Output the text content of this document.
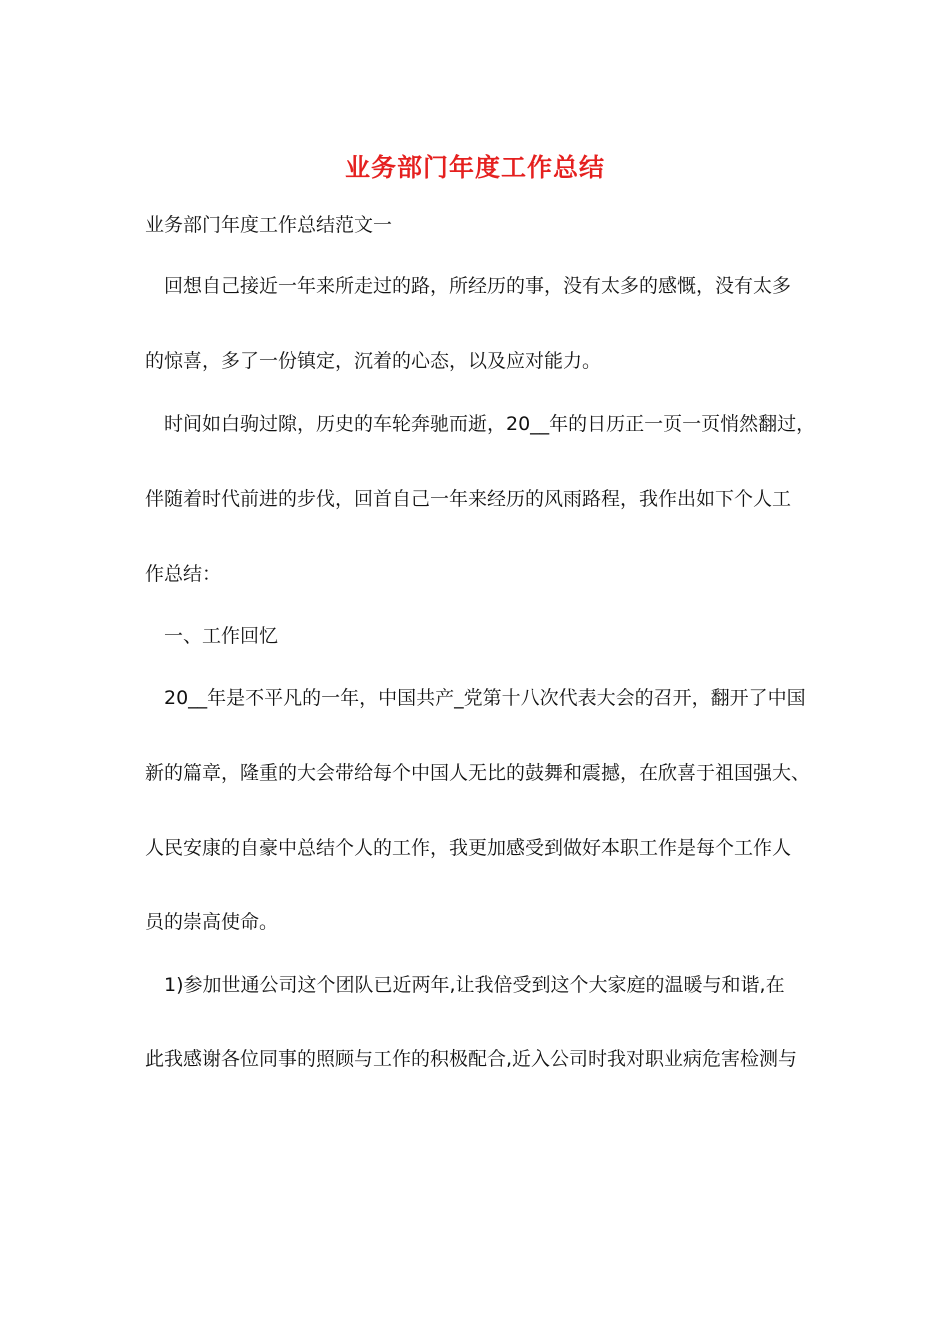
业务部门年度工作总结
业务部门年度工作总结范文一
回想自己接近一年来所走过的路，所经历的事，没有太多的感慨，没有太多
的惊喜，多了一份镇定，沉着的心态，以及应对能力。
时间如白驹过隙，历史的车轮奔驰而逝，20__年的日历正一页一页悄然翻过，
伴随着时代前进的步伐，回首自己一年来经历的风雨路程，我作出如下个人工
作总结：
一、工作回忆
20__年是不平凡的一年，中国共产_党第十八次代表大会的召开，翻开了中国
新的篇章，隆重的大会带给每个中国人无比的鼓舞和震撼，在欣喜于祖国强大、
人民安康的自豪中总结个人的工作，我更加感受到做好本职工作是每个工作人
员的崇高使命。
1)参加世通公司这个团队已近两年,让我倍受到这个大家庭的温暖与和谐,在
此我感谢各位同事的照顾与工作的积极配合,近入公司时我对职业病危害检测与
